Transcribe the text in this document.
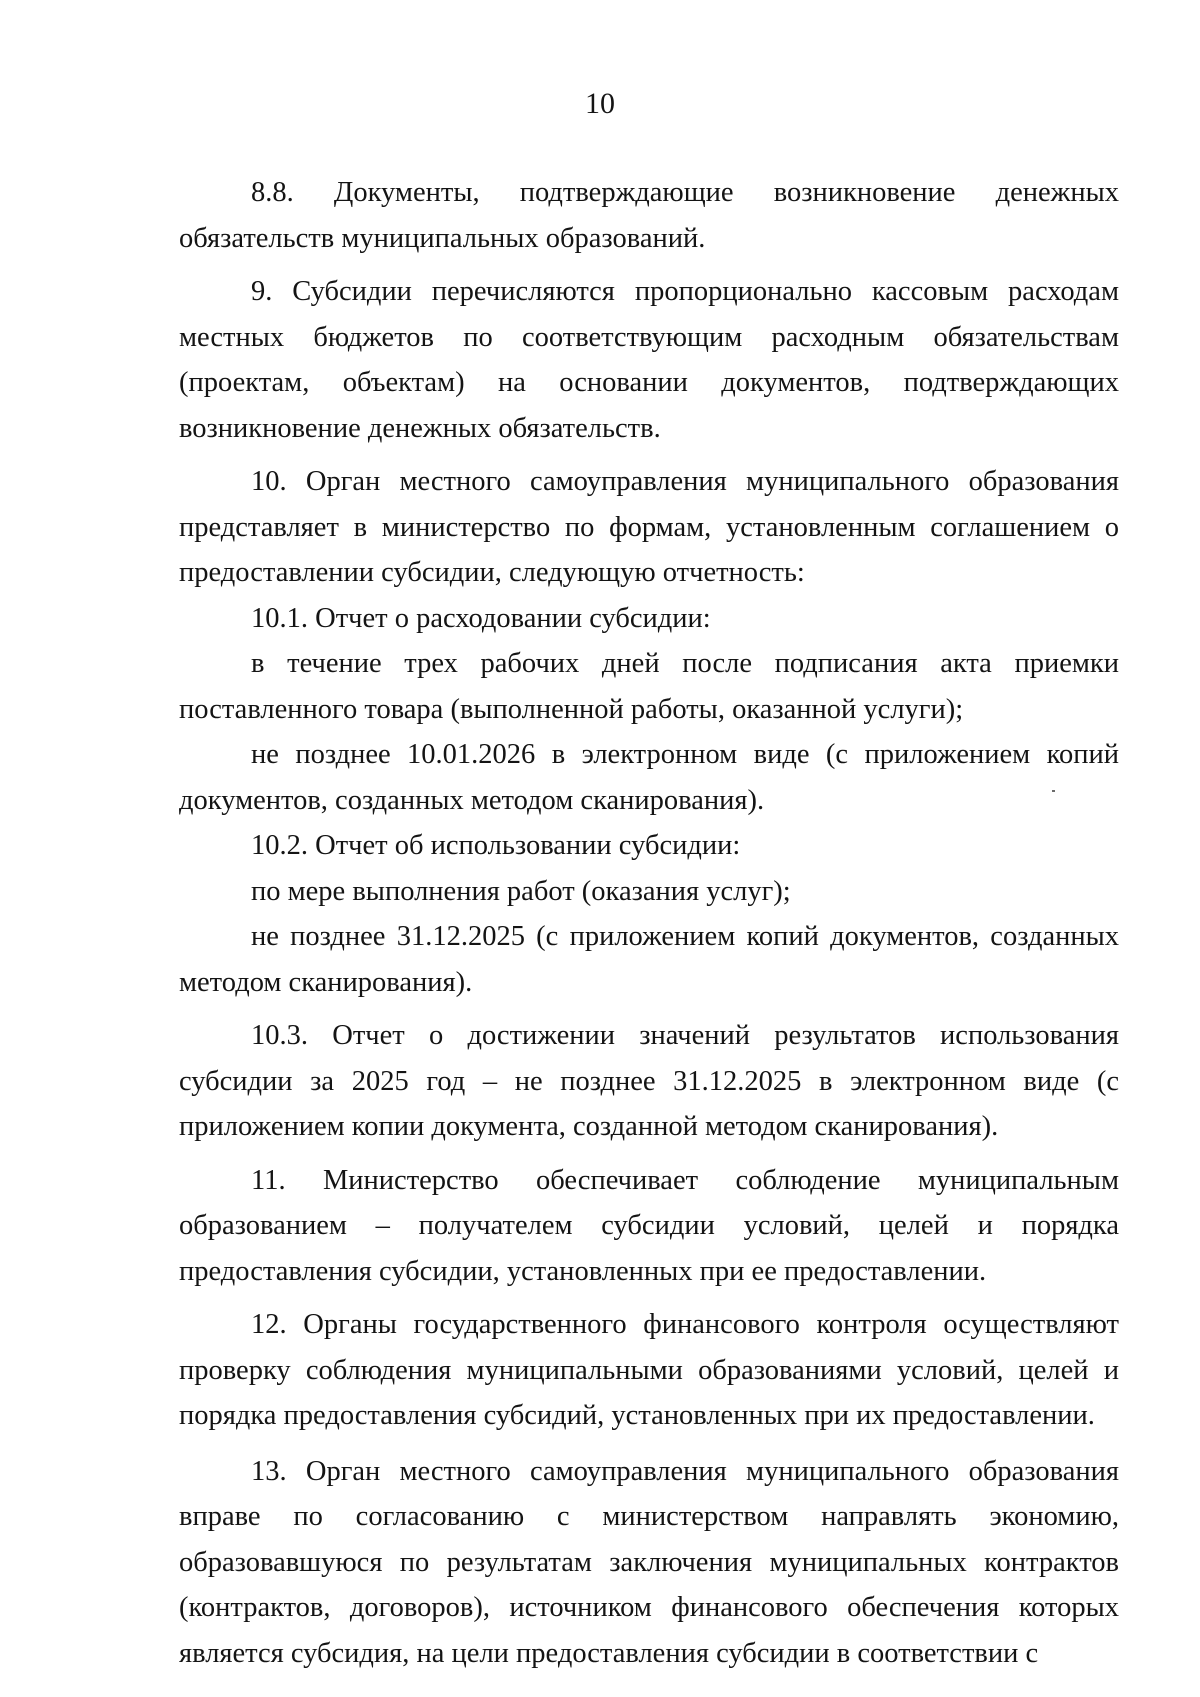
10

8.8. Документы, подтверждающие возникновение денежных обязательств муниципальных образований.

9. Субсидии перечисляются пропорционально кассовым расходам местных бюджетов по соответствующим расходным обязательствам (проектам, объектам) на основании документов, подтверждающих возникновение денежных обязательств.

10. Орган местного самоуправления муниципального образования представляет в министерство по формам, установленным соглашением о предоставлении субсидии, следующую отчетность:

10.1. Отчет о расходовании субсидии:

в течение трех рабочих дней после подписания акта приемки поставленного товара (выполненной работы, оказанной услуги);

не позднее 10.01.2026 в электронном виде (с приложением копий документов, созданных методом сканирования).

10.2. Отчет об использовании субсидии:

по мере выполнения работ (оказания услуг);

не позднее 31.12.2025 (с приложением копий документов, созданных методом сканирования).

10.3. Отчет о достижении значений результатов использования субсидии за 2025 год – не позднее 31.12.2025 в электронном виде (с приложением копии документа, созданной методом сканирования).

11. Министерство обеспечивает соблюдение муниципальным образованием – получателем субсидии условий, целей и порядка предоставления субсидии, установленных при ее предоставлении.

12. Органы государственного финансового контроля осуществляют проверку соблюдения муниципальными образованиями условий, целей и порядка предоставления субсидий, установленных при их предоставлении.

13. Орган местного самоуправления муниципального образования вправе по согласованию с министерством направлять экономию, образовавшуюся по результатам заключения муниципальных контрактов (контрактов, договоров), источником финансового обеспечения которых является субсидия, на цели предоставления субсидии в соответствии с
